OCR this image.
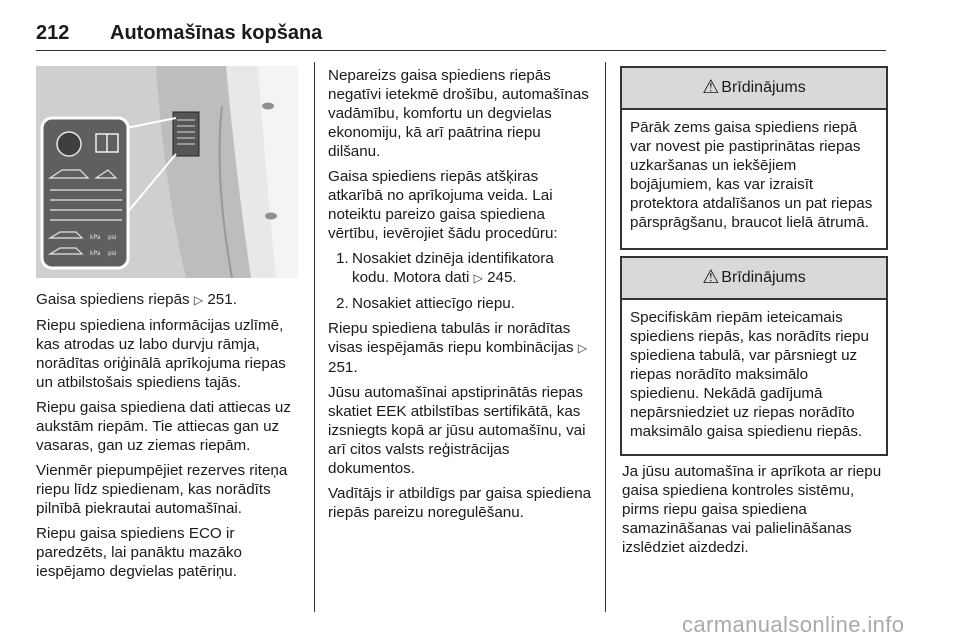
212 Automašīnas kopšana
kPa
kPa
psi
psi

Gaisa spiediens riepās ▷ 251.

Riepu spiediena informācijas uzlīmē, kas atrodas uz labo durvju rāmja, norādītas oriģinālā aprīkojuma riepas un atbilstošais spiediens tajās.

Riepu gaisa spiediena dati attiecas uz aukstām riepām. Tie attiecas gan uz vasaras, gan uz ziemas riepām.

Vienmēr piepumpējiet rezerves riteņa riepu līdz spiedienam, kas norādīts pilnībā piekrautai automašīnai.

Riepu gaisa spiediens ECO ir paredzēts, lai panāktu mazāko iespējamo degvielas patēriņu.

Nepareizs gaisa spiediens riepās negatīvi ietekmē drošību, automašīnas vadāmību, komfortu un degvielas ekonomiju, kā arī paātrina riepu dilšanu.

Gaisa spiediens riepās atšķiras atkarībā no aprīkojuma veida. Lai noteiktu pareizo gaisa spiediena vērtību, ievērojiet šādu procedūru:

1. Nosakiet dzinēja identifikatora kodu. Motora dati ▷ 245.
2. Nosakiet attiecīgo riepu.

Riepu spiediena tabulās ir norādītas visas iespējamās riepu kombinācijas ▷ 251.

Jūsu automašīnai apstiprinātās riepas skatiet EEK atbilstības sertifikātā, kas izsniegts kopā ar jūsu automašīnu, vai arī citos valsts reģistrācijas dokumentos.

Vadītājs ir atbildīgs par gaisa spiediena riepās pareizu noregulēšanu.

⚠ Brīdinājums
Pārāk zems gaisa spiediens riepā var novest pie pastiprinātas riepas uzkaršanas un iekšējiem bojājumiem, kas var izraisīt protektora atdalīšanos un pat riepas pārsprāgšanu, braucot lielā ātrumā.
⚠ Brīdinājums
Specifiskām riepām ieteicamais spiediens riepās, kas norādīts riepu spiediena tabulā, var pārsniegt uz riepas norādīto maksimālo spiedienu. Nekādā gadījumā nepārsniedziet uz riepas norādīto maksimālo gaisa spiedienu riepās.

Ja jūsu automašīna ir aprīkota ar riepu gaisa spiediena kontroles sistēmu, pirms riepu gaisa spiediena samazināšanas vai palielināšanas izslēdziet aizdedzi.

carmanualsonline.info
